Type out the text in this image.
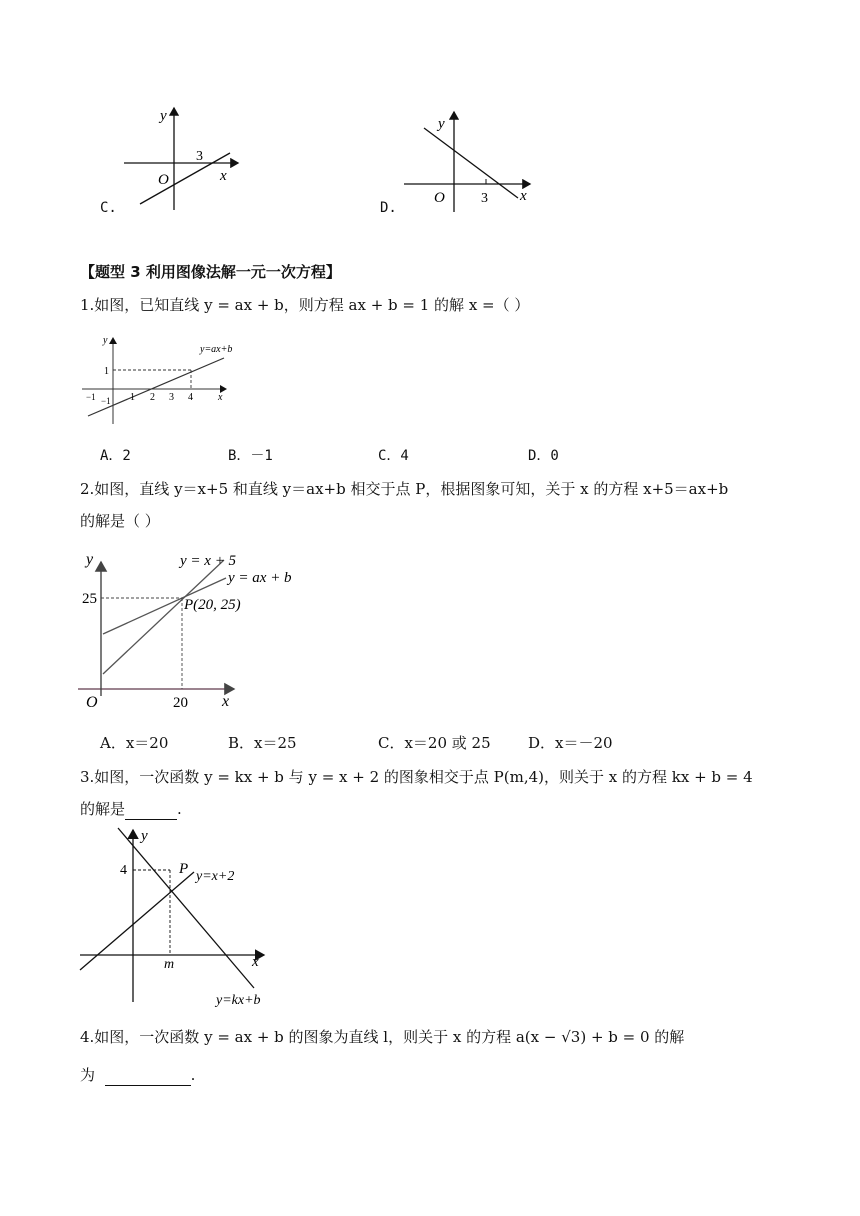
y
x
O
3
C.
y
x
O	3
D.
【题型 3 利用图像法解一元一次方程】
1.如图，已知直线 y = ax + b，则方程 ax + b = 1 的解 x =（ ）
y
x
y=ax+b
1
−1
−1	1 2 3 4
A．2	B．－1	C．4	D．0
2.如图，直线 y＝x+5 和直线 y＝ax+b 相交于点 P，根据图象可知，关于 x 的方程 x+5＝ax+b
的解是（ ）
y
x
O
25
20
y = x + 5
y = ax + b
P(20, 25)
A．x＝20	B．x＝25	C．x＝20 或 25 D．x＝－20
3.如图，一次函数 y = kx + b 与 y = x + 2 的图象相交于点 P(m,4)，则关于 x 的方程 kx + b = 4
的解是	.
y
x
4
m
P y=x+2
y=kx+b
4.如图，一次函数 y = ax + b 的图象为直线 l，则关于 x 的方程 a(x − √3) + b = 0 的解
为	.
